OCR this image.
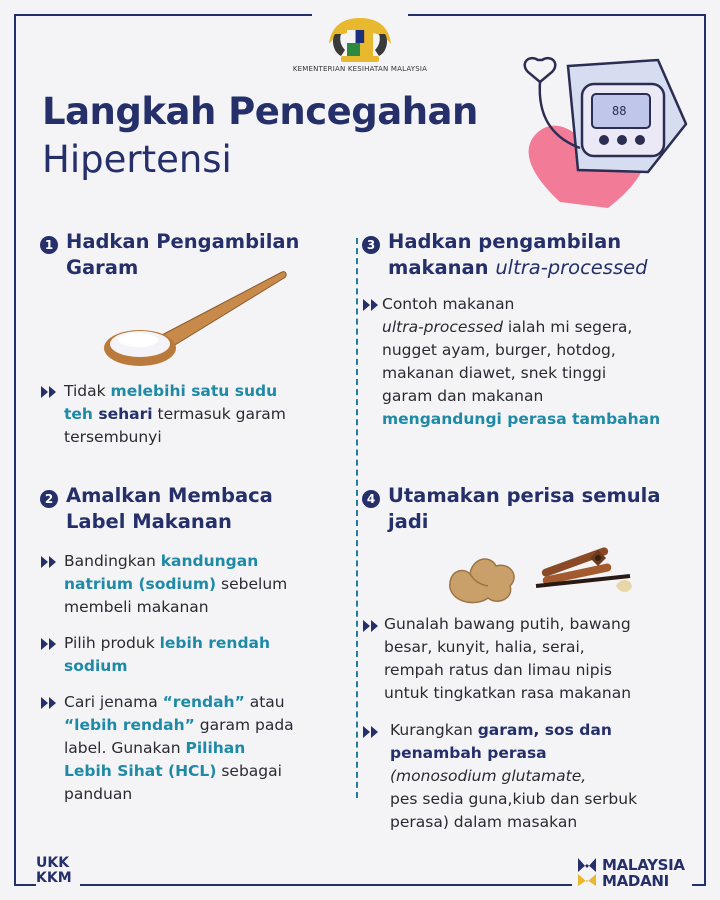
KEMENTERIAN KESIHATAN MALAYSIA
Langkah Pencegahan
Hipertensi
88
1 Hadkan Pengambilan
Garam
Tidak melebihi satu sudu
teh sehari termasuk garam
tersembunyi
2 Amalkan Membaca
Label Makanan
Bandingkan kandungan
natrium (sodium) sebelum
membeli makanan
Pilih produk lebih rendah
sodium
Cari jenama “rendah” atau
“lebih rendah” garam pada
label. Gunakan Pilihan
Lebih Sihat (HCL) sebagai
panduan
3 Hadkan pengambilan
makanan ultra-processed
Contoh makanan
ultra-processed ialah mi segera,
nugget ayam, burger, hotdog,
makanan diawet, snek tinggi
garam dan makanan
mengandungi perasa tambahan
4 Utamakan perisa semula
jadi
Gunalah bawang putih, bawang
besar, kunyit, halia, serai,
rempah ratus dan limau nipis
untuk tingkatkan rasa makanan
Kurangkan garam, sos dan
penambah perasa
(monosodium glutamate,
pes sedia guna,kiub dan serbuk
perasa) dalam masakan
UKK
KKM
MALAYSIA
MADANI
